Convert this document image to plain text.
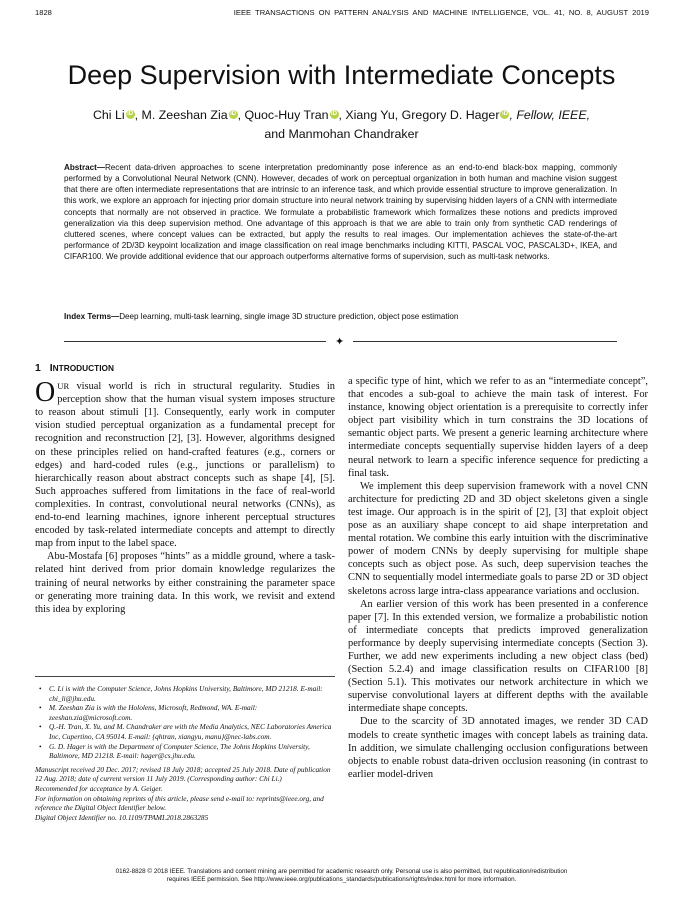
1828	IEEE TRANSACTIONS ON PATTERN ANALYSIS AND MACHINE INTELLIGENCE, VOL. 41, NO. 8, AUGUST 2019
Deep Supervision with Intermediate Concepts
Chi Li iD , M. Zeeshan Zia iD , Quoc-Huy Tran iD , Xiang Yu, Gregory D. Hager iD , Fellow, IEEE,
and Manmohan Chandraker
Abstract—Recent data-driven approaches to scene interpretation predominantly pose inference as an end-to-end black-box mapping, commonly performed by a Convolutional Neural Network (CNN). However, decades of work on perceptual organization in both human and machine vision suggest that there are often intermediate representations that are intrinsic to an inference task, and which provide essential structure to improve generalization. In this work, we explore an approach for injecting prior domain structure into neural network training by supervising hidden layers of a CNN with intermediate concepts that normally are not observed in practice. We formulate a probabilistic framework which formalizes these notions and predicts improved generalization via this deep supervision method. One advantage of this approach is that we are able to train only from synthetic CAD renderings of cluttered scenes, where concept values can be extracted, but apply the results to real images. Our implementation achieves the state-of-the-art performance of 2D/3D keypoint localization and image classification on real image benchmarks including KITTI, PASCAL VOC, PASCAL3D+, IKEA, and CIFAR100. We provide additional evidence that our approach outperforms alternative forms of supervision, such as multi-task networks.
Index Terms—Deep learning, multi-task learning, single image 3D structure prediction, object pose estimation
✦
1 INTRODUCTION

OUR visual world is rich in structural regularity. Studies in perception show that the human visual system imposes structure to reason about stimuli [1]. Consequently, early work in computer vision studied perceptual organization as a fundamental precept for recognition and reconstruction [2], [3]. However, algorithms designed on these principles relied on hand-crafted features (e.g., corners or edges) and hard-coded rules (e.g., junctions or parallelism) to hierarchically reason about abstract concepts such as shape [4], [5]. Such approaches suffered from limitations in the face of real-world complexities. In contrast, convolutional neural networks (CNNs), as end-to-end learning machines, ignore inherent perceptual structures encoded by task-related intermediate concepts and attempt to directly map from input to the label space.

Abu-Mostafa [6] proposes “hints” as a middle ground, where a task-related hint derived from prior domain knowledge regularizes the training of neural networks by either constraining the parameter space or generating more training data. In this work, we revisit and extend this idea by exploring

a specific type of hint, which we refer to as an “intermediate concept”, that encodes a sub-goal to achieve the main task of interest. For instance, knowing object orientation is a prerequisite to correctly infer object part visibility which in turn constrains the 3D locations of semantic object parts. We present a generic learning architecture where intermediate concepts sequentially supervise hidden layers of a deep neural network to learn a specific inference sequence for predicting a final task.

We implement this deep supervision framework with a novel CNN architecture for predicting 2D and 3D object skeletons given a single test image. Our approach is in the spirit of [2], [3] that exploit object pose as an auxiliary shape concept to aid shape interpretation and mental rotation. We combine this early intuition with the discriminative power of modern CNNs by deeply supervising for multiple shape concepts such as object pose. As such, deep supervision teaches the CNN to sequentially model intermediate goals to parse 2D or 3D object skeletons across large intra-class appearance variations and occlusion.

An earlier version of this work has been presented in a conference paper [7]. In this extended version, we formalize a probabilistic notion of intermediate concepts that predicts improved generalization performance by deeply supervising intermediate concepts (Section 3). Further, we add new experiments including a new object class (bed) (Section 5.2.4) and image classification results on CIFAR100 [8] (Section 5.1). This motivates our network architecture in which we supervise convolutional layers at different depths with the available intermediate shape concepts.

Due to the scarcity of 3D annotated images, we render 3D CAD models to create synthetic images with concept labels as training data. In addition, we simulate challenging occlusion configurations between objects to enable robust data-driven occlusion reasoning (in contrast to earlier model-driven

• C. Li is with the Computer Science, Johns Hopkins University, Baltimore, MD 21218. E-mail: chi_li@jhu.edu.
• M. Zeeshan Zia is with the Hololens, Microsoft, Redmond, WA. E-mail: zeeshan.zia@microsoft.com.
• Q.-H. Tran, X. Yu, and M. Chandraker are with the Media Analytics, NEC Laboratories America Inc, Cupertino, CA 95014. E-mail: {qhtran, xiangyu, manu}@nec-labs.com.
• G. D. Hager is with the Department of Computer Science, The Johns Hopkins University, Baltimore, MD 21218. E-mail: hager@cs.jhu.edu.
Manuscript received 20 Dec. 2017; revised 18 July 2018; accepted 25 July 2018. Date of publication 12 Aug. 2018; date of current version 11 July 2019. (Corresponding author: Chi Li.)
Recommended for acceptance by A. Geiger.
For information on obtaining reprints of this article, please send e-mail to: reprints@ieee.org, and reference the Digital Object Identifier below.
Digital Object Identifier no. 10.1109/TPAMI.2018.2863285
0162-8828 © 2018 IEEE. Translations and content mining are permitted for academic research only. Personal use is also permitted, but republication/redistribution
requires IEEE permission. See http://www.ieee.org/publications_standards/publications/rights/index.html for more information.
